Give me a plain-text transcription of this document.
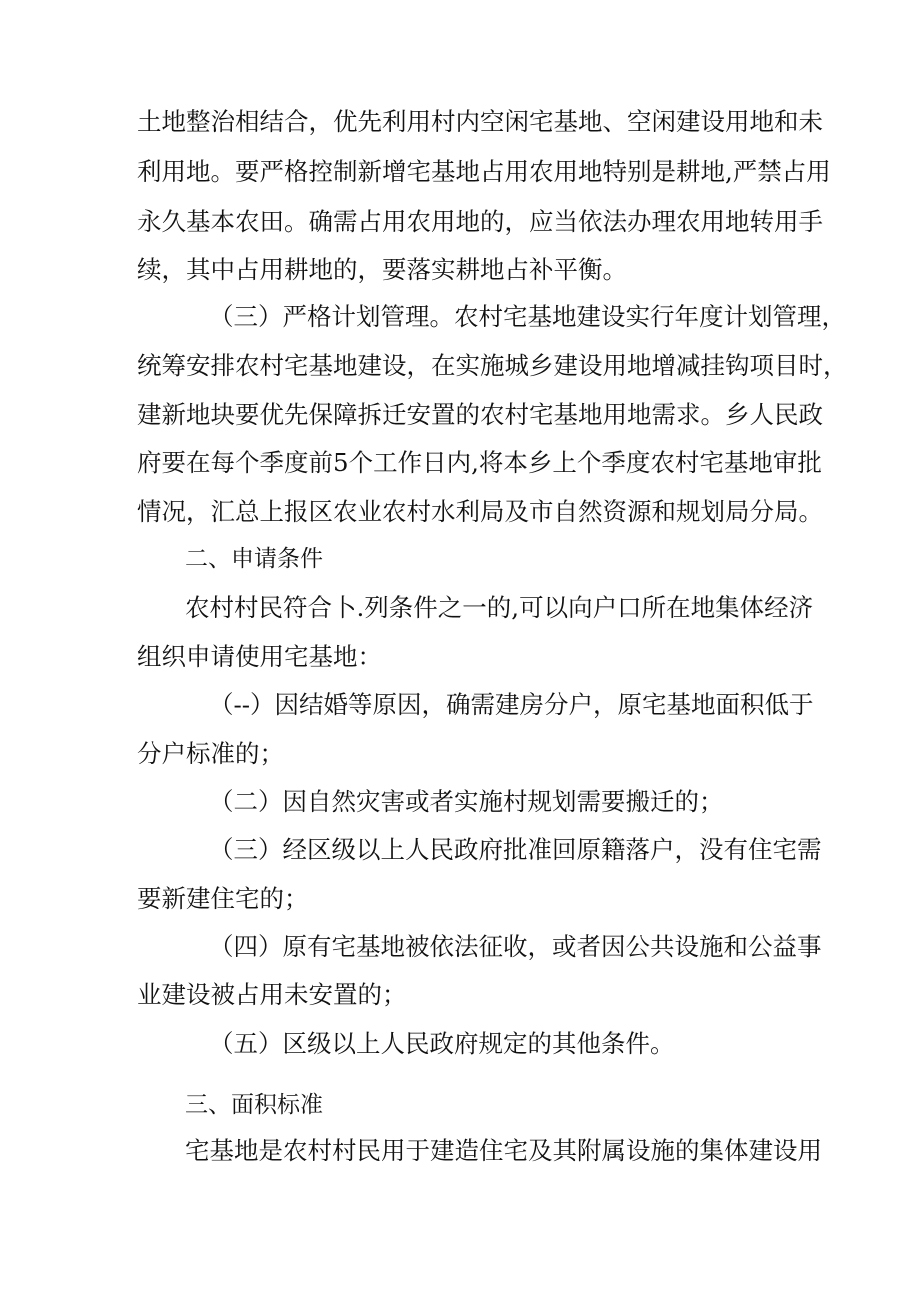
土地整治相结合，优先利用村内空闲宅基地、空闲建设用地和未
利用地。要严格控制新增宅基地占用农用地特别是耕地,严禁占用
永久基本农田。确需占用农用地的，应当依法办理农用地转用手
续，其中占用耕地的，要落实耕地占补平衡。
（三）严格计划管理。农村宅基地建设实行年度计划管理，
统筹安排农村宅基地建设，在实施城乡建设用地增减挂钩项目时，
建新地块要优先保障拆迁安置的农村宅基地用地需求。乡人民政
府要在每个季度前5个工作日内,将本乡上个季度农村宅基地审批
情况，汇总上报区农业农村水利局及市自然资源和规划局分局。
二、申请条件
农村村民符合卜.列条件之一的,可以向户口所在地集体经济
组织申请使用宅基地：
（--）因结婚等原因，确需建房分户，原宅基地面积低于
分户标准的；
（二）因自然灾害或者实施村规划需要搬迁的；
（三）经区级以上人民政府批准回原籍落户，没有住宅需
要新建住宅的；
（四）原有宅基地被依法征收，或者因公共设施和公益事
业建设被占用未安置的；
（五）区级以上人民政府规定的其他条件。
三、面积标准
宅基地是农村村民用于建造住宅及其附属设施的集体建设用
